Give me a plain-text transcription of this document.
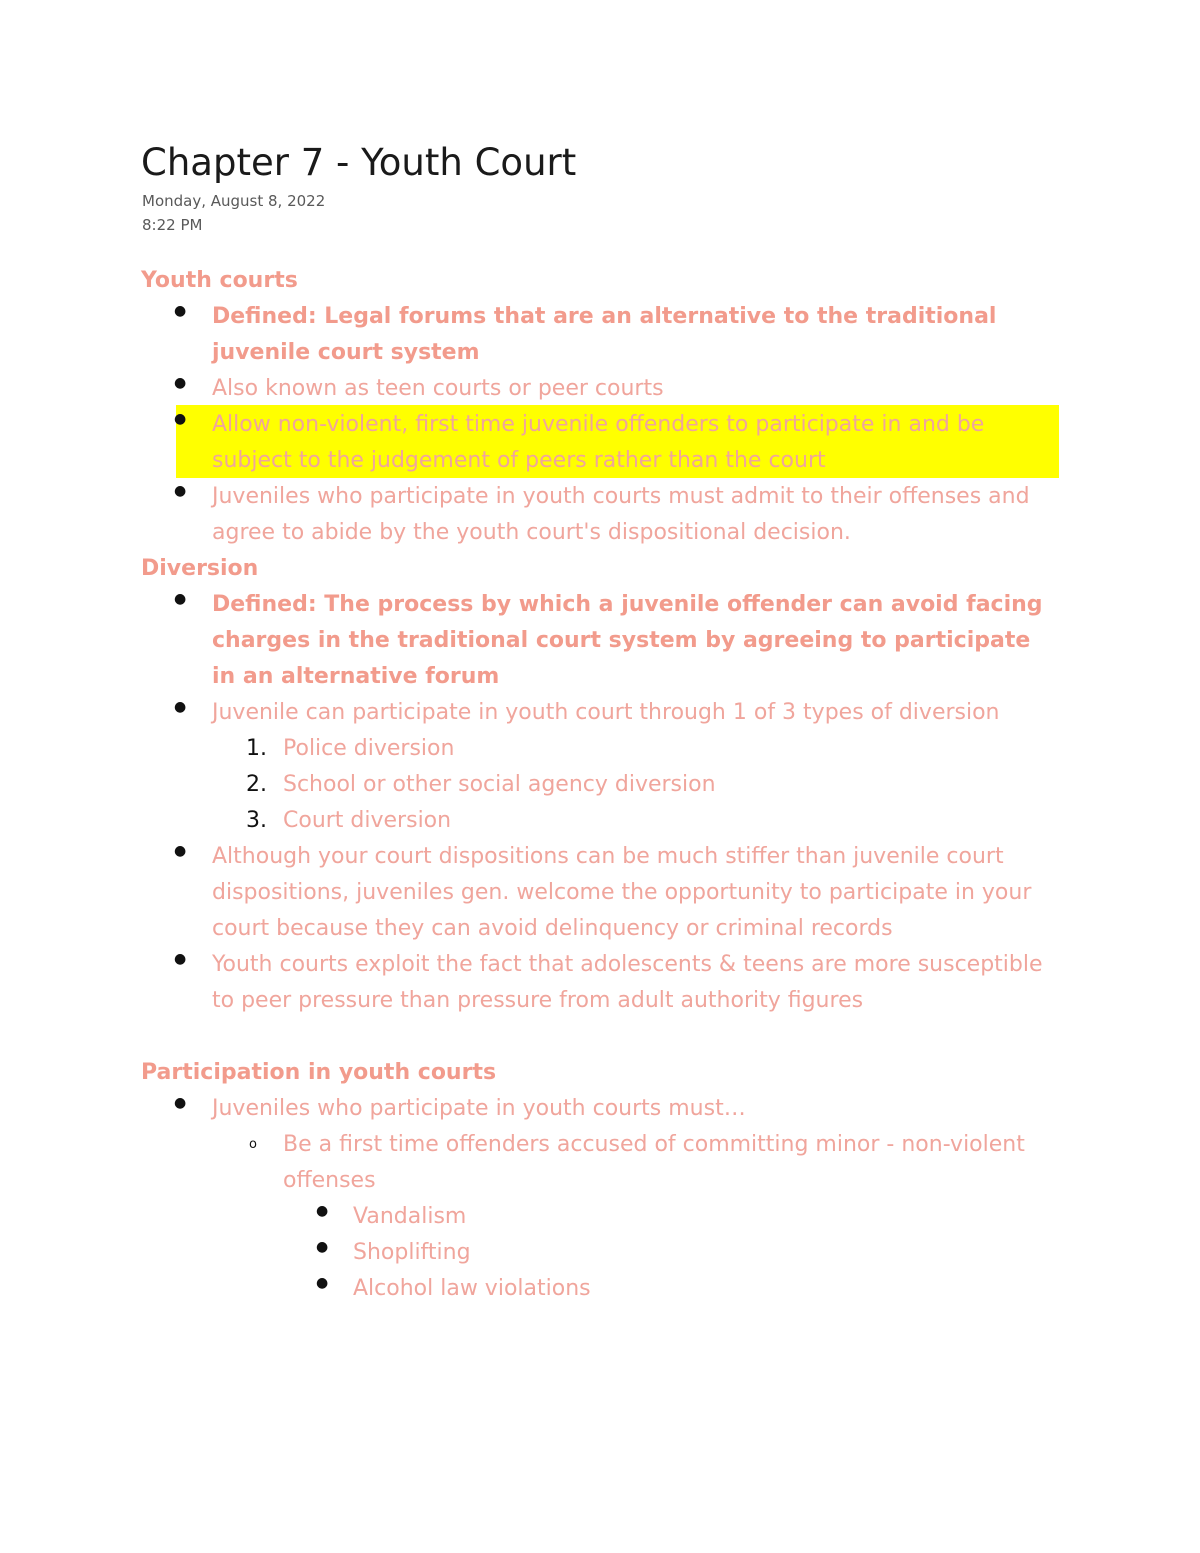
Chapter 7 - Youth Court
Monday, August 8, 2022
8:22 PM
Youth courts
● Defined: Legal forums that are an alternative to the traditional juvenile court system
● Also known as teen courts or peer courts
● Allow non-violent, first time juvenile offenders to participate in and be subject to the judgement of peers rather than the court
● Juveniles who participate in youth courts must admit to their offenses and agree to abide by the youth court's dispositional decision.
Diversion
● Defined: The process by which a juvenile offender can avoid facing charges in the traditional court system by agreeing to participate in an alternative forum
● Juvenile can participate in youth court through 1 of 3 types of diversion
1. Police diversion
2. School or other social agency diversion
3. Court diversion
● Although your court dispositions can be much stiffer than juvenile court dispositions, juveniles gen. welcome the opportunity to participate in your court because they can avoid delinquency or criminal records
● Youth courts exploit the fact that adolescents & teens are more susceptible to peer pressure than pressure from adult authority figures
Participation in youth courts
● Juveniles who participate in youth courts must…
o Be a first time offenders accused of committing minor - non-violent offenses
● Vandalism
● Shoplifting
● Alcohol law violations
